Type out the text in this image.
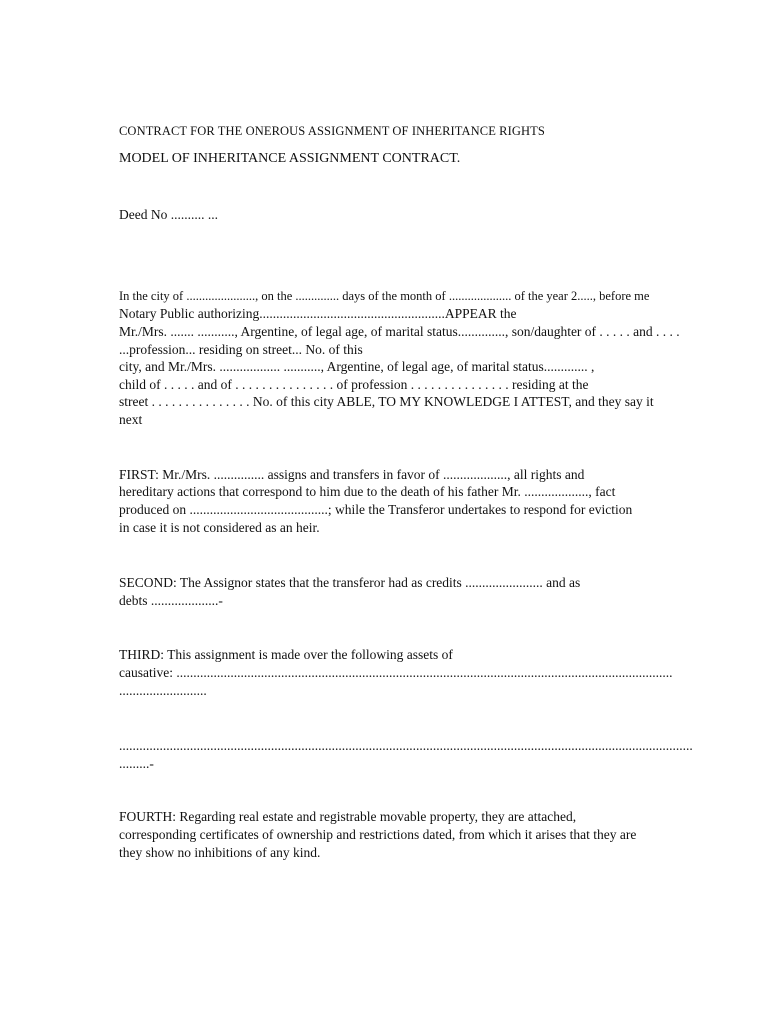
CONTRACT FOR THE ONEROUS ASSIGNMENT OF INHERITANCE RIGHTS

MODEL OF INHERITANCE ASSIGNMENT CONTRACT.

Deed No .......... ...

In the city of ......................, on the .............. days of the month of .................... of the year 2....., before me

Notary Public authorizing.......................................................APPEAR the

Mr./Mrs. ....... ..........., Argentine, of legal age, of marital status.............., son/daughter of . . . . . and . . . .

...profession... residing on street... No. of this

city, and Mr./Mrs. .................. ..........., Argentine, of legal age, of marital status............. ,

child of . . . . . and of . . . . . . . . . . . . . . . of profession . . . . . . . . . . . . . . . residing at the

street . . . . . . . . . . . . . . . No. of this city ABLE, TO MY KNOWLEDGE I ATTEST, and they say it

next

FIRST: Mr./Mrs. ............... assigns and transfers in favor of ..................., all rights and

hereditary actions that correspond to him due to the death of his father Mr. ..................., fact

produced on .........................................; while the Transferor undertakes to respond for eviction

in case it is not considered as an heir.

SECOND: The Assignor states that the transferor had as credits ....................... and as

debts ....................-

THIRD: This assignment is made over the following assets of

causative: ...................................................................................................................................................

..........................

..........................................................................................................................................................................

.........-

FOURTH: Regarding real estate and registrable movable property, they are attached,

corresponding certificates of ownership and restrictions dated, from which it arises that they are

they show no inhibitions of any kind.
